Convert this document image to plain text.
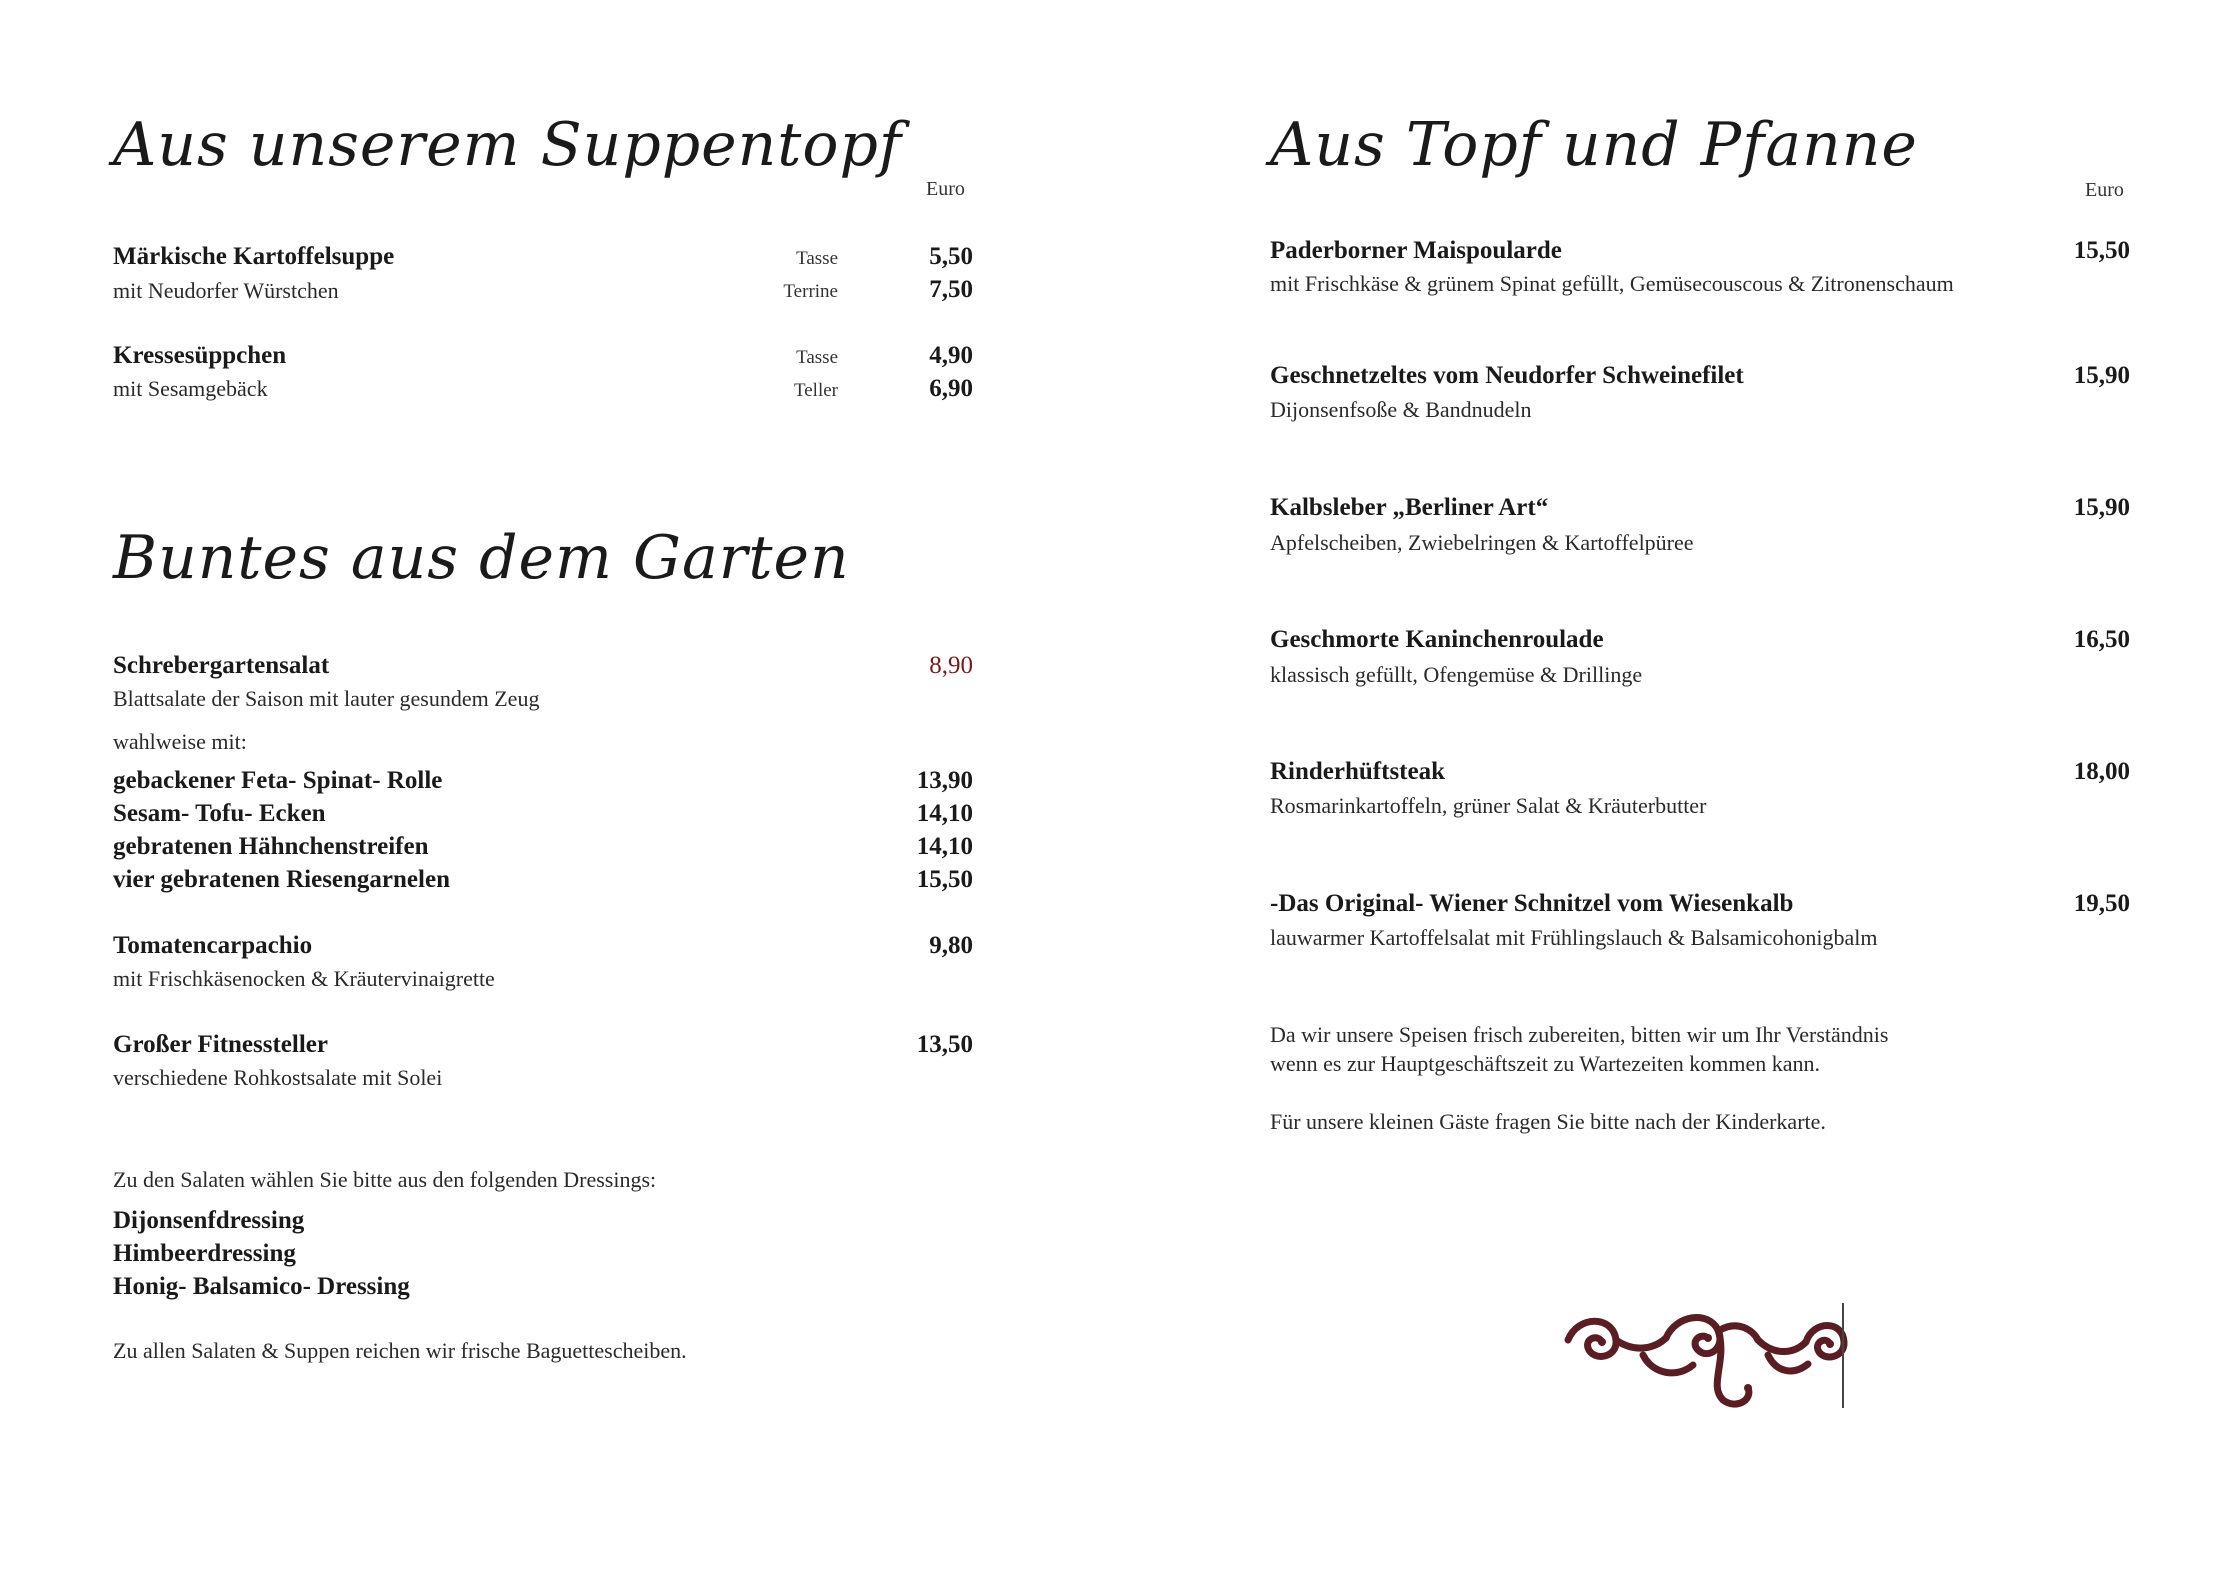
Aus unserem Suppentopf
Euro
Märkische Kartoffelsuppe	Tasse	5,50
mit Neudorfer Würstchen	Terrine	7,50
Kressesüppchen	Tasse	4,90
mit Sesamgebäck	Teller	6,90
Buntes aus dem Garten
Schrebergartensalat	8,90
Blattsalate der Saison mit lauter gesundem Zeug
wahlweise mit:
gebackener Feta- Spinat- Rolle	13,90
Sesam- Tofu- Ecken	14,10
gebratenen Hähnchenstreifen	14,10
vier gebratenen Riesengarnelen	15,50
Tomatencarpachio	9,80
mit Frischkäsenocken & Kräutervinaigrette
Großer Fitnessteller	13,50
verschiedene Rohkostsalate mit Solei
Zu den Salaten wählen Sie bitte aus den folgenden Dressings:
Dijonsenfdressing
Himbeerdressing
Honig- Balsamico- Dressing
Zu allen Salaten & Suppen reichen wir frische Baguettescheiben.
Aus Topf und Pfanne
Euro
Paderborner Maispoularde	15,50
mit Frischkäse & grünem Spinat gefüllt, Gemüsecouscous & Zitronenschaum
Geschnetzeltes vom Neudorfer Schweinefilet	15,90
Dijonsenfsoße & Bandnudeln
Kalbsleber „Berliner Art“	15,90
Apfelscheiben, Zwiebelringen & Kartoffelpüree
Geschmorte Kaninchenroulade	16,50
klassisch gefüllt, Ofengemüse & Drillinge
Rinderhüftsteak	18,00
Rosmarinkartoffeln, grüner Salat & Kräuterbutter
-Das Original- Wiener Schnitzel vom Wiesenkalb	19,50
lauwarmer Kartoffelsalat mit Frühlingslauch & Balsamicohonigbalm
Da wir unsere Speisen frisch zubereiten, bitten wir um Ihr Verständnis
wenn es zur Hauptgeschäftszeit zu Wartezeiten kommen kann.
Für unsere kleinen Gäste fragen Sie bitte nach der Kinderkarte.
